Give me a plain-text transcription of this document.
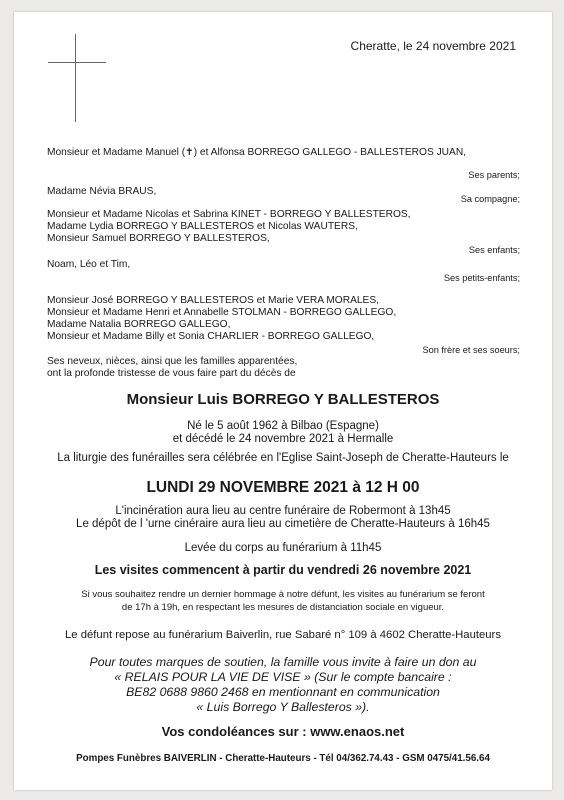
Cheratte, le 24 novembre 2021
Monsieur et Madame Manuel (✝) et Alfonsa BORREGO GALLEGO - BALLESTEROS JUAN,
Ses parents;
Madame Névia BRAUS,
Sa compagne;
Monsieur et Madame Nicolas et Sabrina KINET - BORREGO Y BALLESTEROS,
Madame Lydia BORREGO Y BALLESTEROS et Nicolas WAUTERS,
Monsieur Samuel BORREGO Y BALLESTEROS,
Ses enfants;
Noam, Léo et Tim,
Ses petits-enfants;
Monsieur José BORREGO Y BALLESTEROS et Marie VERA MORALES,
Monsieur et Madame Henri et Annabelle STOLMAN - BORREGO GALLEGO,
Madame Natalia BORREGO GALLEGO,
Monsieur et Madame Billy et Sonia CHARLIER - BORREGO GALLEGO,
Son frère et ses soeurs;
Ses neveux, nièces, ainsi que les familles apparentées,
ont la profonde tristesse de vous faire part du décès de
Monsieur Luis BORREGO Y BALLESTEROS
Né le 5 août 1962 à Bilbao (Espagne)
et décédé le 24 novembre 2021 à Hermalle
La liturgie des funérailles sera célébrée en l'Eglise Saint-Joseph de Cheratte-Hauteurs le
LUNDI 29 NOVEMBRE 2021 à 12 H 00
L'incinération aura lieu au centre funéraire de Robermont à 13h45
Le dépôt de l 'urne cinéraire aura lieu au cimetière de Cheratte-Hauteurs à 16h45
Levée du corps au funérarium à 11h45
Les visites commencent à partir du vendredi 26 novembre 2021
Si vous souhaitez rendre un dernier hommage à notre défunt, les visites au funérarium se feront
de 17h à 19h, en respectant les mesures de distanciation sociale en vigueur.
Le défunt repose au funérarium Baiverlin, rue Sabaré n° 109 à 4602 Cheratte-Hauteurs
Pour toutes marques de soutien, la famille vous invite à faire un don au
« RELAIS POUR LA VIE DE VISE » (Sur le compte bancaire :
BE82 0688 9860 2468 en mentionnant en communication
« Luis Borrego Y Ballesteros »).
Vos condoléances sur : www.enaos.net
Pompes Funèbres BAIVERLIN - Cheratte-Hauteurs - Tél 04/362.74.43 - GSM 0475/41.56.64
